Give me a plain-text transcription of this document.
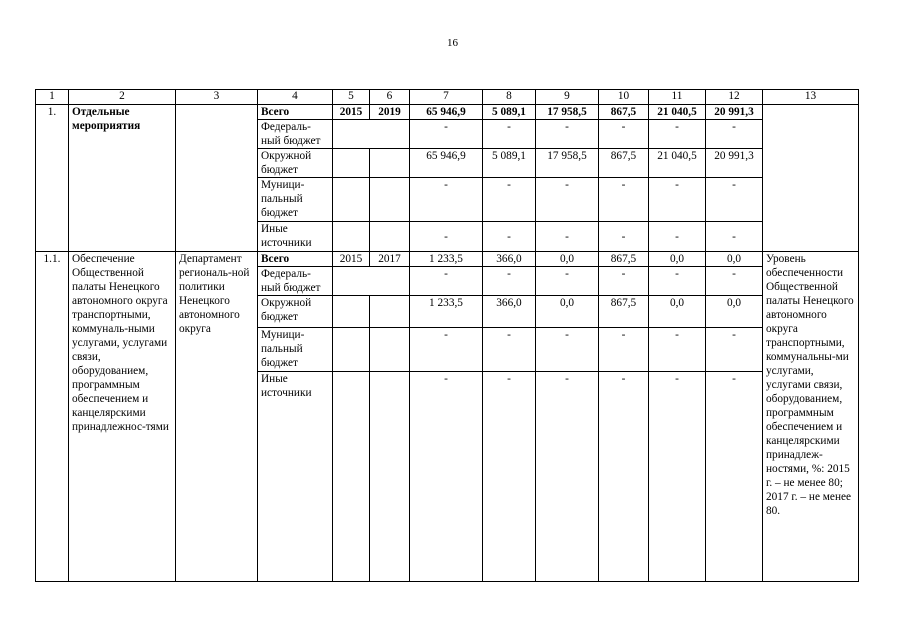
16
1	2	3	4	5	6	7	8	9	10	11	12	13
1.	Отдельные мероприятия		Всего	2015	2019	65 946,9	5 089,1	17 958,5	867,5	21 040,5	20 991,3	
			Федераль-ный бюджет			-	-	-	-	-	-	
			Окружной бюджет			65 946,9	5 089,1	17 958,5	867,5	21 040,5	20 991,3	
			Муници-пальный бюджет			-	-	-	-	-	-	
			Иные источники			-	-	-	-	-	-	
1.1.	Обеспечение Общественной палаты Ненецкого автономного округа транспортными, коммуналь-ными услугами, услугами связи, оборудованием, программным обеспечением и канцелярскими принадлежнос-тями	Департамент региональ-ной политики Ненецкого автономного округа	Всего	2015	2017	1 233,5	366,0	0,0	867,5	0,0	0,0	Уровень обеспеченности Общественной палаты Ненецкого автономного округа транспортными, коммунальны-ми услугами, услугами связи, оборудованием, программным обеспечением и канцелярскими принадлеж-ностями, %: 2015 г. – не менее 80; 2017 г. – не менее 80.
			Федераль-ный бюджет			-	-	-	-	-	-	
			Окружной бюджет			1 233,5	366,0	0,0	867,5	0,0	0,0	
			Муници-пальный бюджет			-	-	-	-	-	-	
			Иные источники			-	-	-	-	-	-	
